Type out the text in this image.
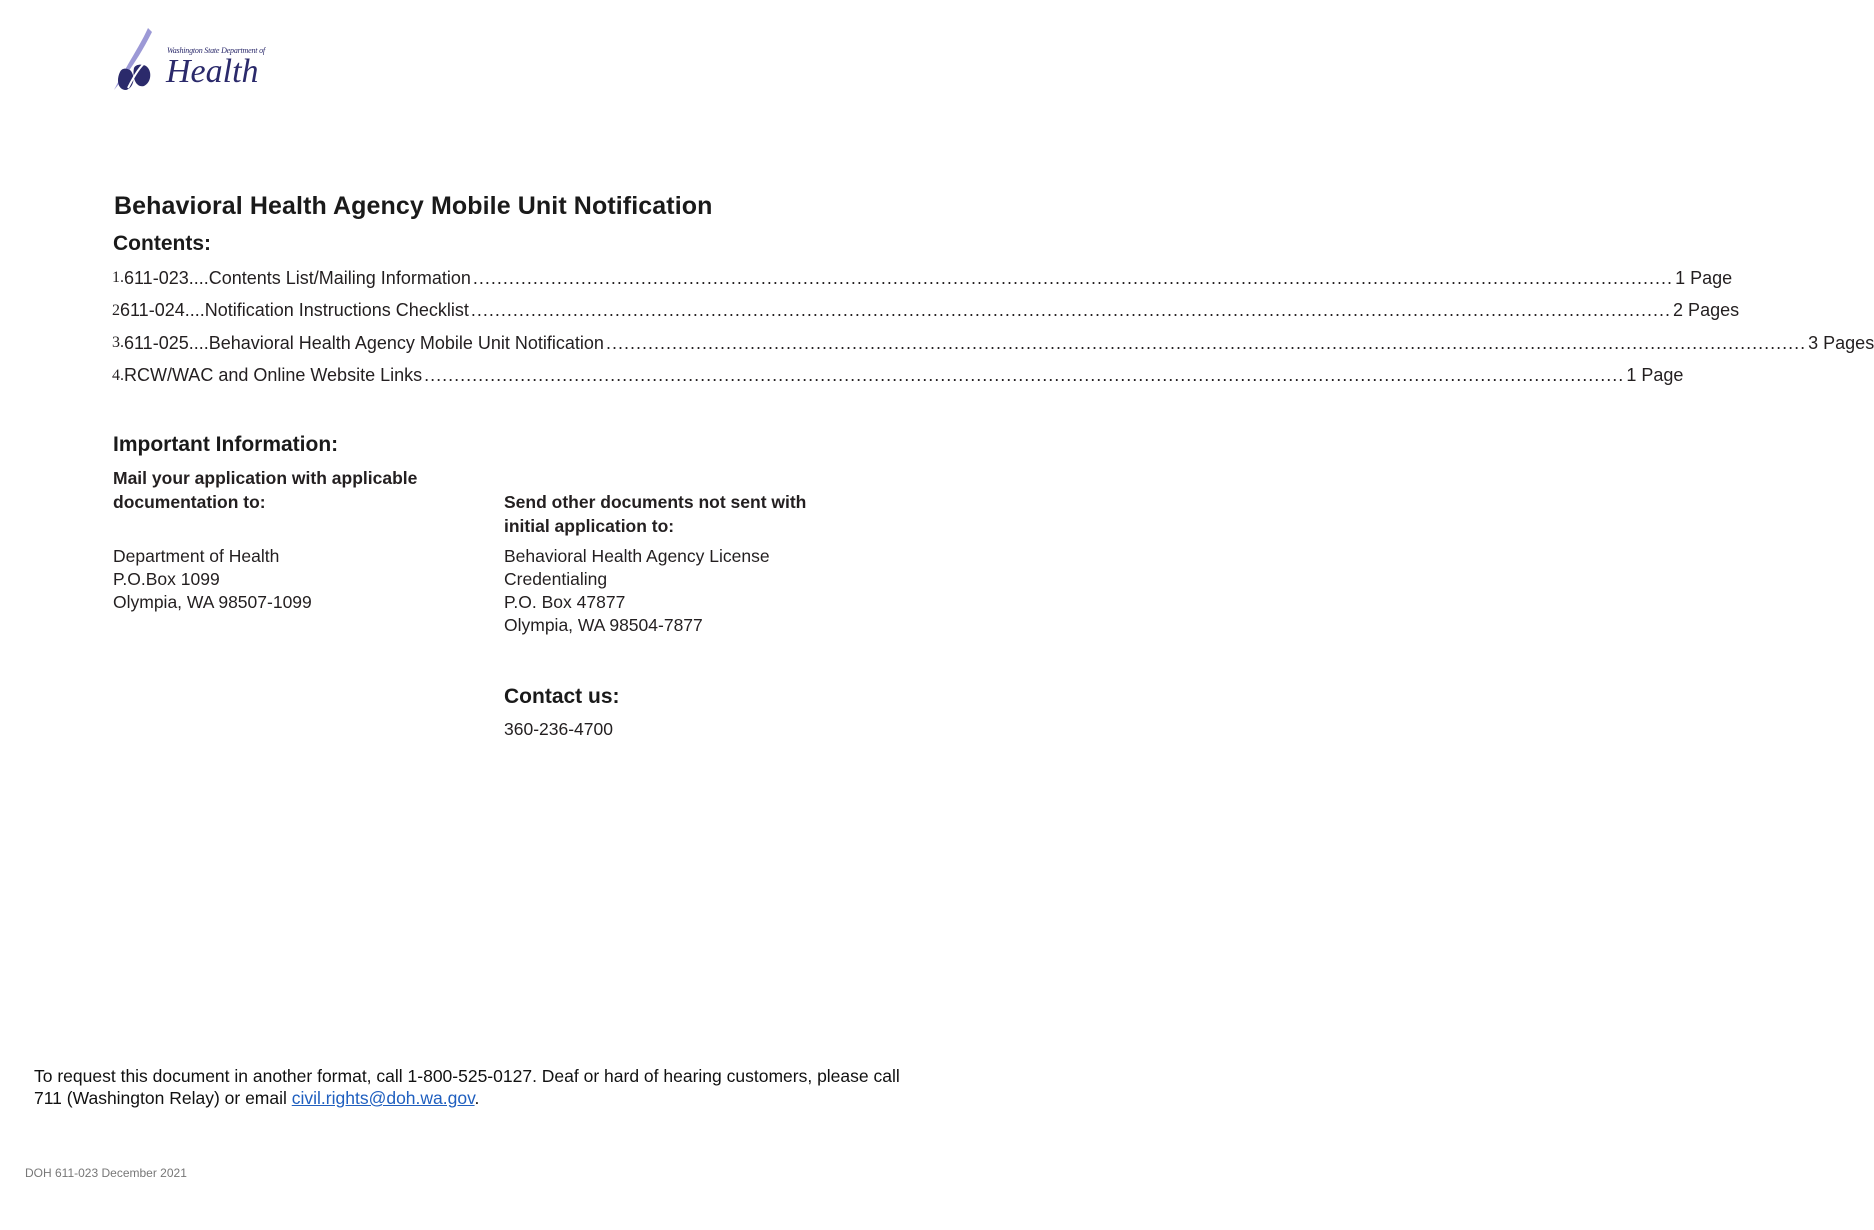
Washington State Department of
Health
Behavioral Health Agency Mobile Unit Notification
Contents:
1. 611-023....Contents List/Mailing Information ........................................................................................................................................................................................................ 1 Page
2 611-024....Notification Instructions Checklist ........................................................................................................................................................................................................ 2 Pages
3. 611-025....Behavioral Health Agency Mobile Unit Notification ........................................................................................................................................................................................................ 3 Pages
4. RCW/WAC and Online Website Links ........................................................................................................................................................................................................ 1 Page
Important Information:
Mail your application with applicable documentation to:
Department of Health
P.O.Box 1099
Olympia, WA 98507-1099
Send other documents not sent with initial application to:
Behavioral Health Agency License
Credentialing
P.O. Box 47877
Olympia, WA 98504-7877
Contact us:
360-236-4700
To request this document in another format, call 1-800-525-0127. Deaf or hard of hearing customers, please call 711 (Washington Relay) or email civil.rights@doh.wa.gov.
DOH 611-023 December 2021
